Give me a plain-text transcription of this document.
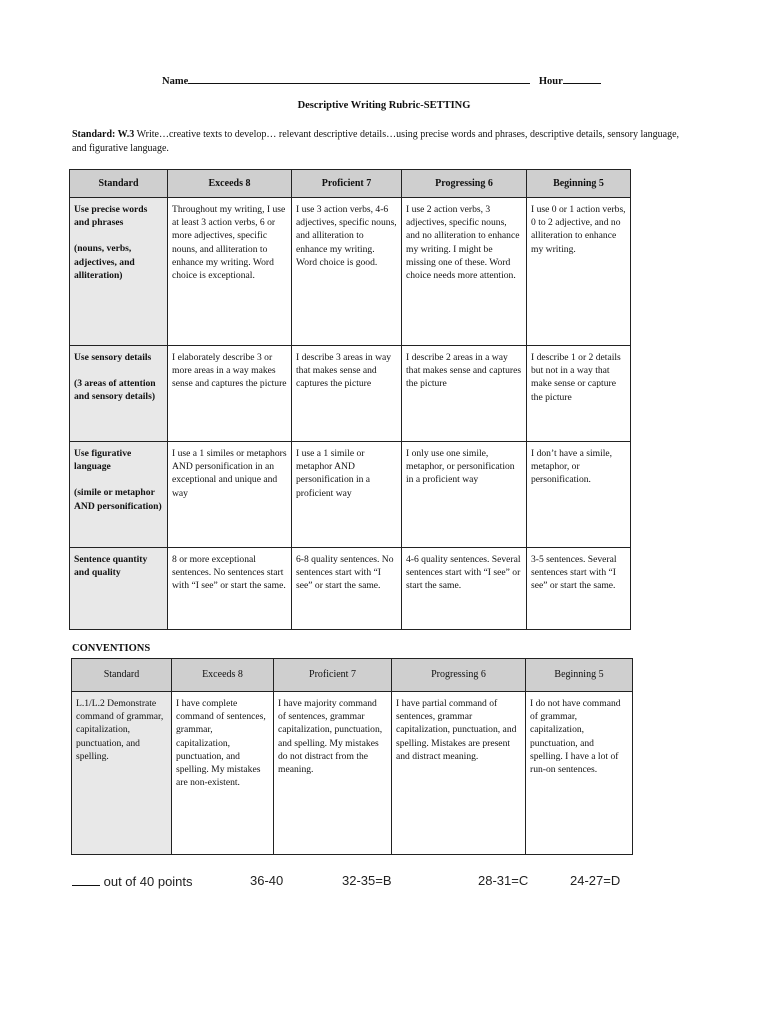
Name	Hour
Descriptive Writing Rubric-SETTING
Standard: W.3 Write…creative texts to develop… relevant descriptive details…using precise words and phrases, descriptive details, sensory language, and figurative language.
Standard	Exceeds 8	Proficient 7	Progressing 6	Beginning 5

Use precise words and phrases
(nouns, verbs, adjectives, and alliteration)	Throughout my writing, I use at least 3 action verbs, 6 or more adjectives, specific nouns, and alliteration to enhance my writing. Word choice is exceptional.	I use 3 action verbs, 4-6 adjectives, specific nouns, and alliteration to enhance my writing. Word choice is good.	I use 2 action verbs, 3 adjectives, specific nouns, and no alliteration to enhance my writing. I might be missing one of these. Word choice needs more attention.	I use 0 or 1 action verbs, 0 to 2 adjective, and no alliteration to enhance my writing.

Use sensory details
(3 areas of attention and sensory details)	I elaborately describe 3 or more areas in a way makes sense and captures the picture	I describe 3 areas in way that makes sense and captures the picture	I describe 2 areas in a way that makes sense and captures the picture	I describe 1 or 2 details but not in a way that make sense or capture the picture

Use figurative language
(simile or metaphor AND personification)	I use a 1 similes or metaphors AND personification in an exceptional and unique and way	I use a 1 simile or metaphor AND personification in a proficient way	I only use one simile, metaphor, or personification in a proficient way	I don’t have a simile, metaphor, or personification.

Sentence quantity and quality	8 or more exceptional sentences. No sentences start with “I see” or start the same.	6-8 quality sentences. No sentences start with “I see” or start the same.	4-6 quality sentences. Several sentences start with “I see” or start the same.	3-5 sentences. Several sentences start with “I see” or start the same.
CONVENTIONS
Standard	Exceeds 8	Proficient 7	Progressing 6	Beginning 5
L.1/L.2 Demonstrate command of grammar, capitalization, punctuation, and spelling.	I have complete command of sentences, grammar, capitalization, punctuation, and spelling. My mistakes are non-existent.	I have majority command of sentences, grammar capitalization, punctuation, and spelling. My mistakes do not distract from the meaning.	I have partial command of sentences, grammar capitalization, punctuation, and spelling. Mistakes are present and distract meaning.	I do not have command of grammar, capitalization, punctuation, and spelling. I have a lot of run-on sentences.
out of 40 points	36-40	32-35=B	28-31=C	24-27=D
